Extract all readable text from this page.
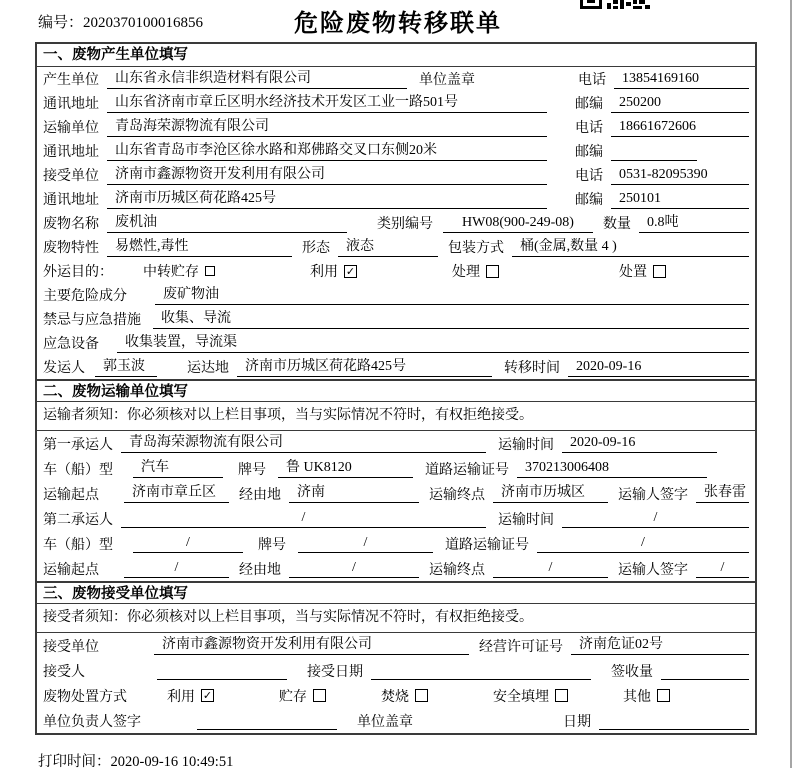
编号：2020370100016856	危险废物转移联单
一、废物产生单位填写
产生单位	山东省永信非织造材料有限公司	单位盖章	电话	13854169160
通讯地址	山东省济南市章丘区明水经济技术开发区工业一路501号	邮编	250200
运输单位	青岛海荣源物流有限公司	电话	18661672606
通讯地址	山东省青岛市李沧区徐水路和郑佛路交叉口东侧20米	邮编
接受单位	济南市鑫源物资开发利用有限公司	电话	0531-82095390
通讯地址	济南市历城区荷花路425号	邮编	250101
废物名称	废机油	类别编号	HW08(900-249-08)	数量	0.8吨
废物特性	易燃性,毒性	形态	液态	包装方式	桶(金属,数量 4 )
外运目的： 中转贮存	利用 ✓	处理	处置
主要危险成分	废矿物油
禁忌与应急措施	收集、导流
应急设备	收集装置，导流渠
发运人	郭玉波	运达地	济南市历城区荷花路425号	转移时间	2020-09-16
二、废物运输单位填写
运输者须知：你必须核对以上栏目事项，当与实际情况不符时，有权拒绝接受。
第一承运人	青岛海荣源物流有限公司	运输时间	2020-09-16
车（船）型	汽车	牌号	鲁 UK8120	道路运输证号	370213006408
运输起点	济南市章丘区	经由地	济南	运输终点	济南市历城区	运输人签字	张春雷
第二承运人	/	运输时间	/
车（船）型	/	牌号	/	道路运输证号	/
运输起点	/	经由地	/	运输终点	/	运输人签字	/
三、废物接受单位填写
接受者须知：你必须核对以上栏目事项，当与实际情况不符时，有权拒绝接受。
接受单位	济南市鑫源物资开发利用有限公司	经营许可证号	济南危证02号
接受人	接受日期	签收量
废物处置方式	利用 ✓	贮存	焚烧	安全填埋	其他
单位负责人签字	单位盖章	日期
打印时间：2020-09-16 10:49:51
